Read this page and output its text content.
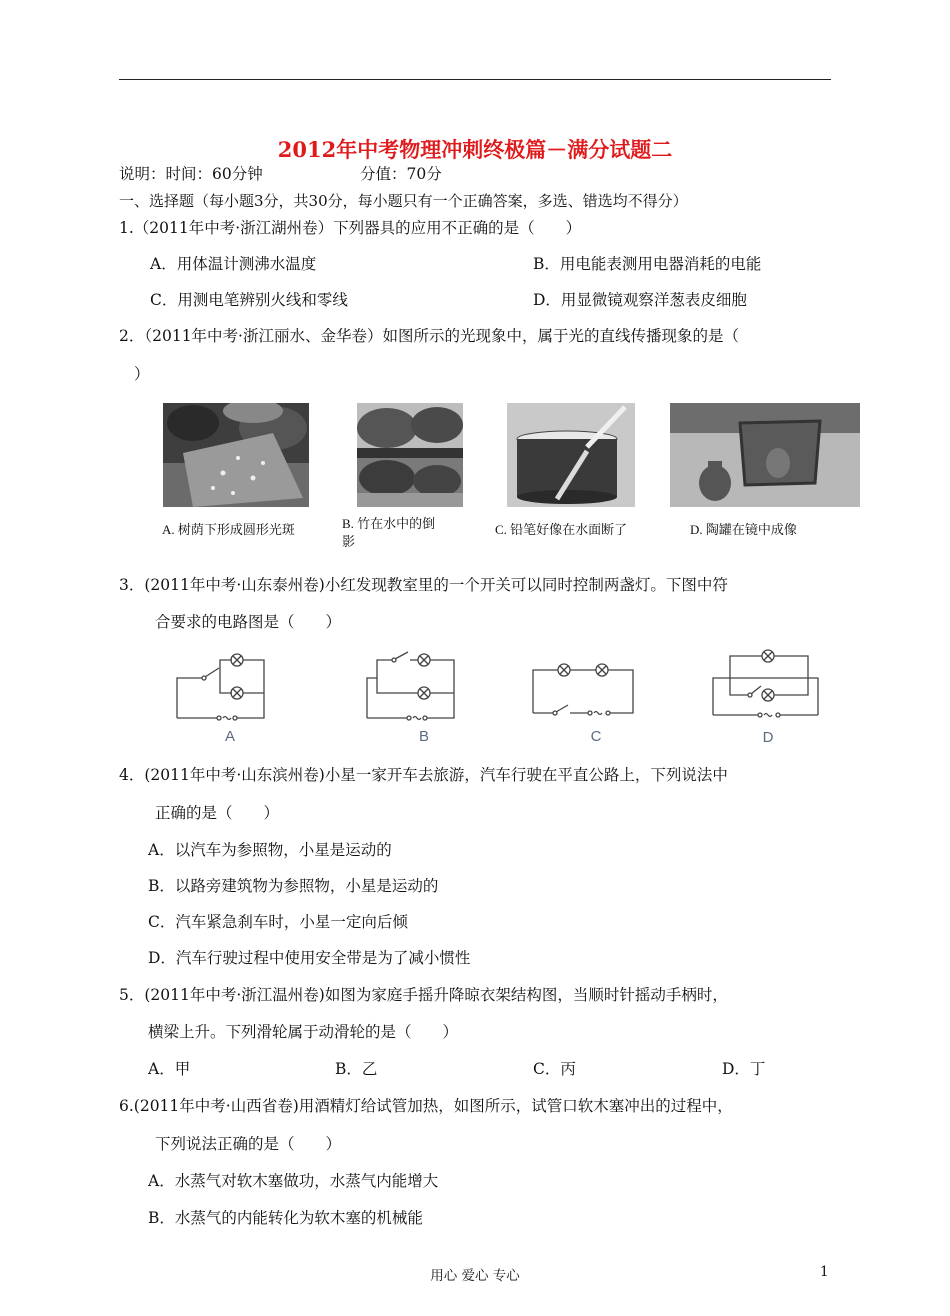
2012年中考物理冲刺终极篇－满分试题二
说明：时间：60分钟	分值：70分
一、选择题（每小题3分，共30分，每小题只有一个正确答案，多选、错选均不得分）
1.（2011年中考·浙江湖州卷）下列器具的应用不正确的是（　　）
A．用体温计测沸水温度	B．用电能表测用电器消耗的电能
C．用测电笔辨别火线和零线	D．用显微镜观察洋葱表皮细胞
2．（2011年中考·浙江丽水、金华卷）如图所示的光现象中，属于光的直线传播现象的是（
）
A. 树荫下形成圆形光斑	B. 竹在水中的倒
影
C. 铅笔好像在水面断了	D. 陶罐在镜中成像
3．(2011年中考·山东泰州卷)小红发现教室里的一个开关可以同时控制两盏灯。下图中符
合要求的电路图是（　　）
A	B	C	D
4．(2011年中考·山东滨州卷)小星一家开车去旅游，汽车行驶在平直公路上，下列说法中
正确的是（　　）
A．以汽车为参照物，小星是运动的
B．以路旁建筑物为参照物，小星是运动的
C．汽车紧急刹车时，小星一定向后倾
D．汽车行驶过程中使用安全带是为了减小惯性
5．(2011年中考·浙江温州卷)如图为家庭手摇升降晾衣架结构图，当顺时针摇动手柄时，
横梁上升。下列滑轮属于动滑轮的是（　　）
A．甲	B．乙	C．丙	D．丁
6.(2011年中考·山西省卷)用酒精灯给试管加热，如图所示，试管口软木塞冲出的过程中，
下列说法正确的是（　　）
A．水蒸气对软木塞做功，水蒸气内能增大
B．水蒸气的内能转化为软木塞的机械能
用心 爱心 专心	1
